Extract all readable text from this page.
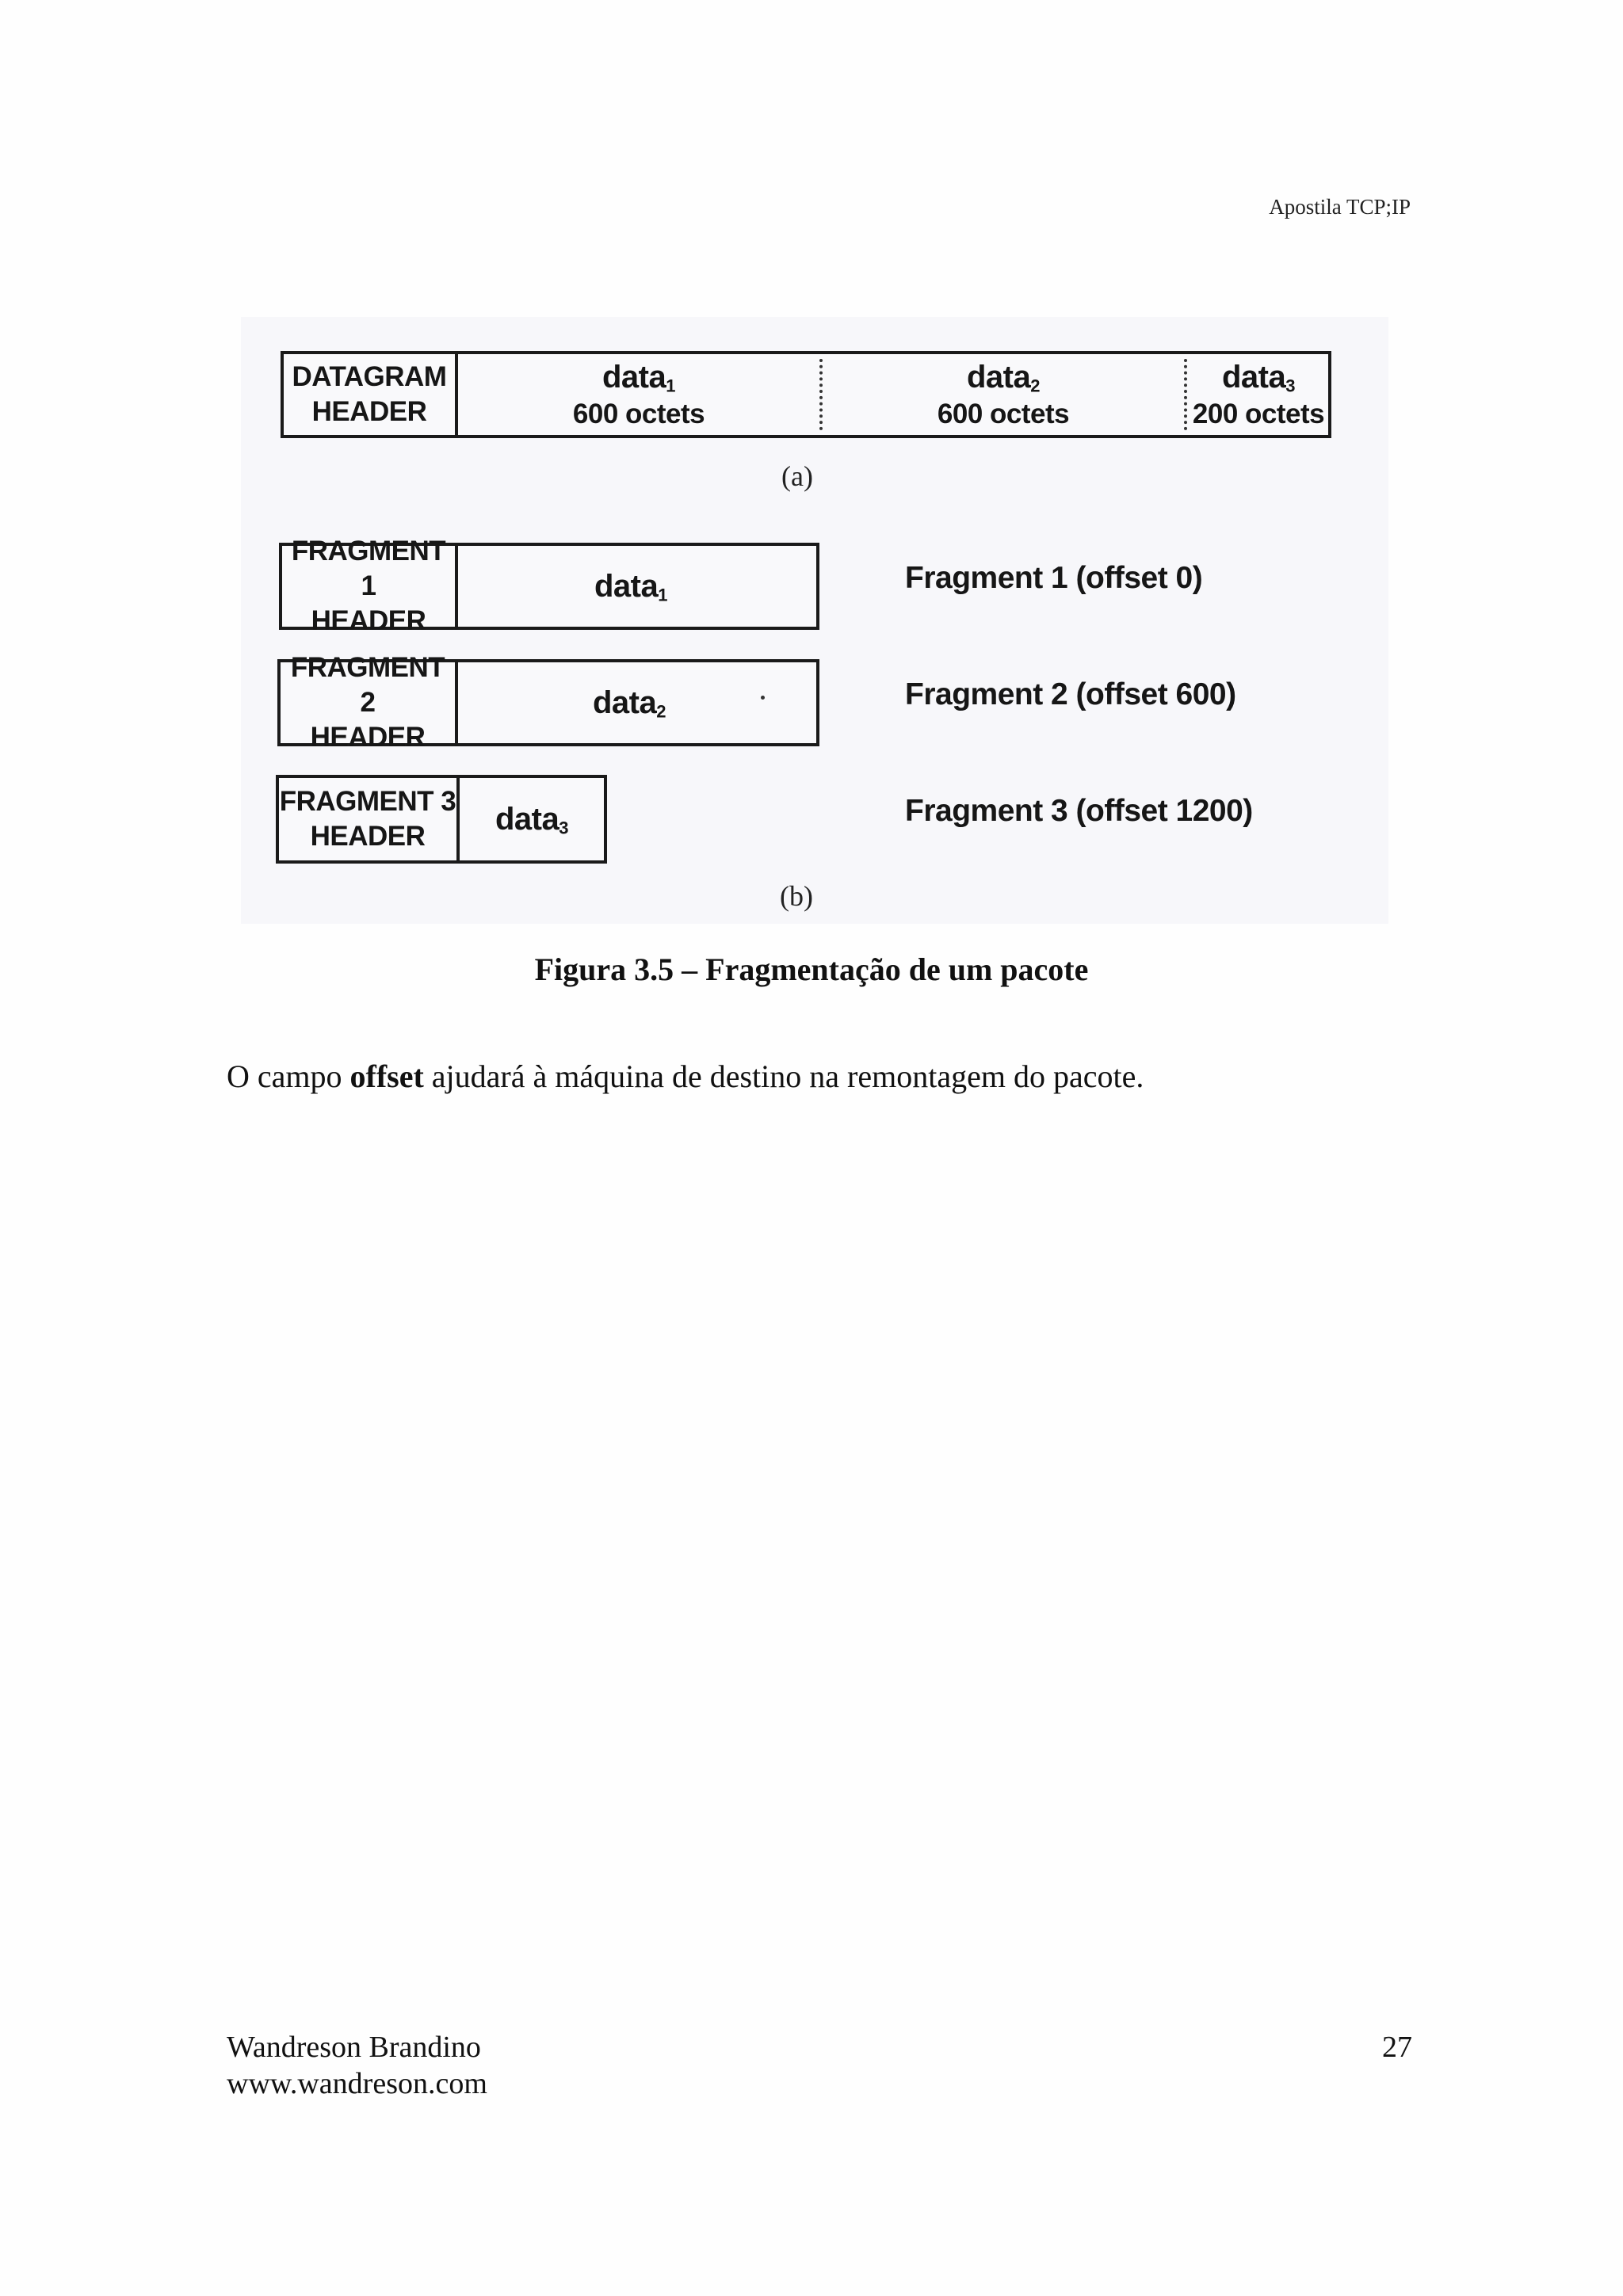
Apostila TCP;IP
DATAGRAM
HEADER
data$_1$
600 octets
data$_2$
600 octets
data$_3$
200 octets
(a)
FRAGMENT 1
HEADER
data$_1$	Fragment 1 (offset 0)
FRAGMENT 2
HEADER
data$_2$	Fragment 2 (offset 600)
FRAGMENT 3
HEADER data$_3$	Fragment 3 (offset 1200)
(b)
Figura 3.5 – Fragmentação de um pacote
O campo offset ajudará à máquina de destino na remontagem do pacote.
Wandreson Brandino
www.wandreson.com
27
